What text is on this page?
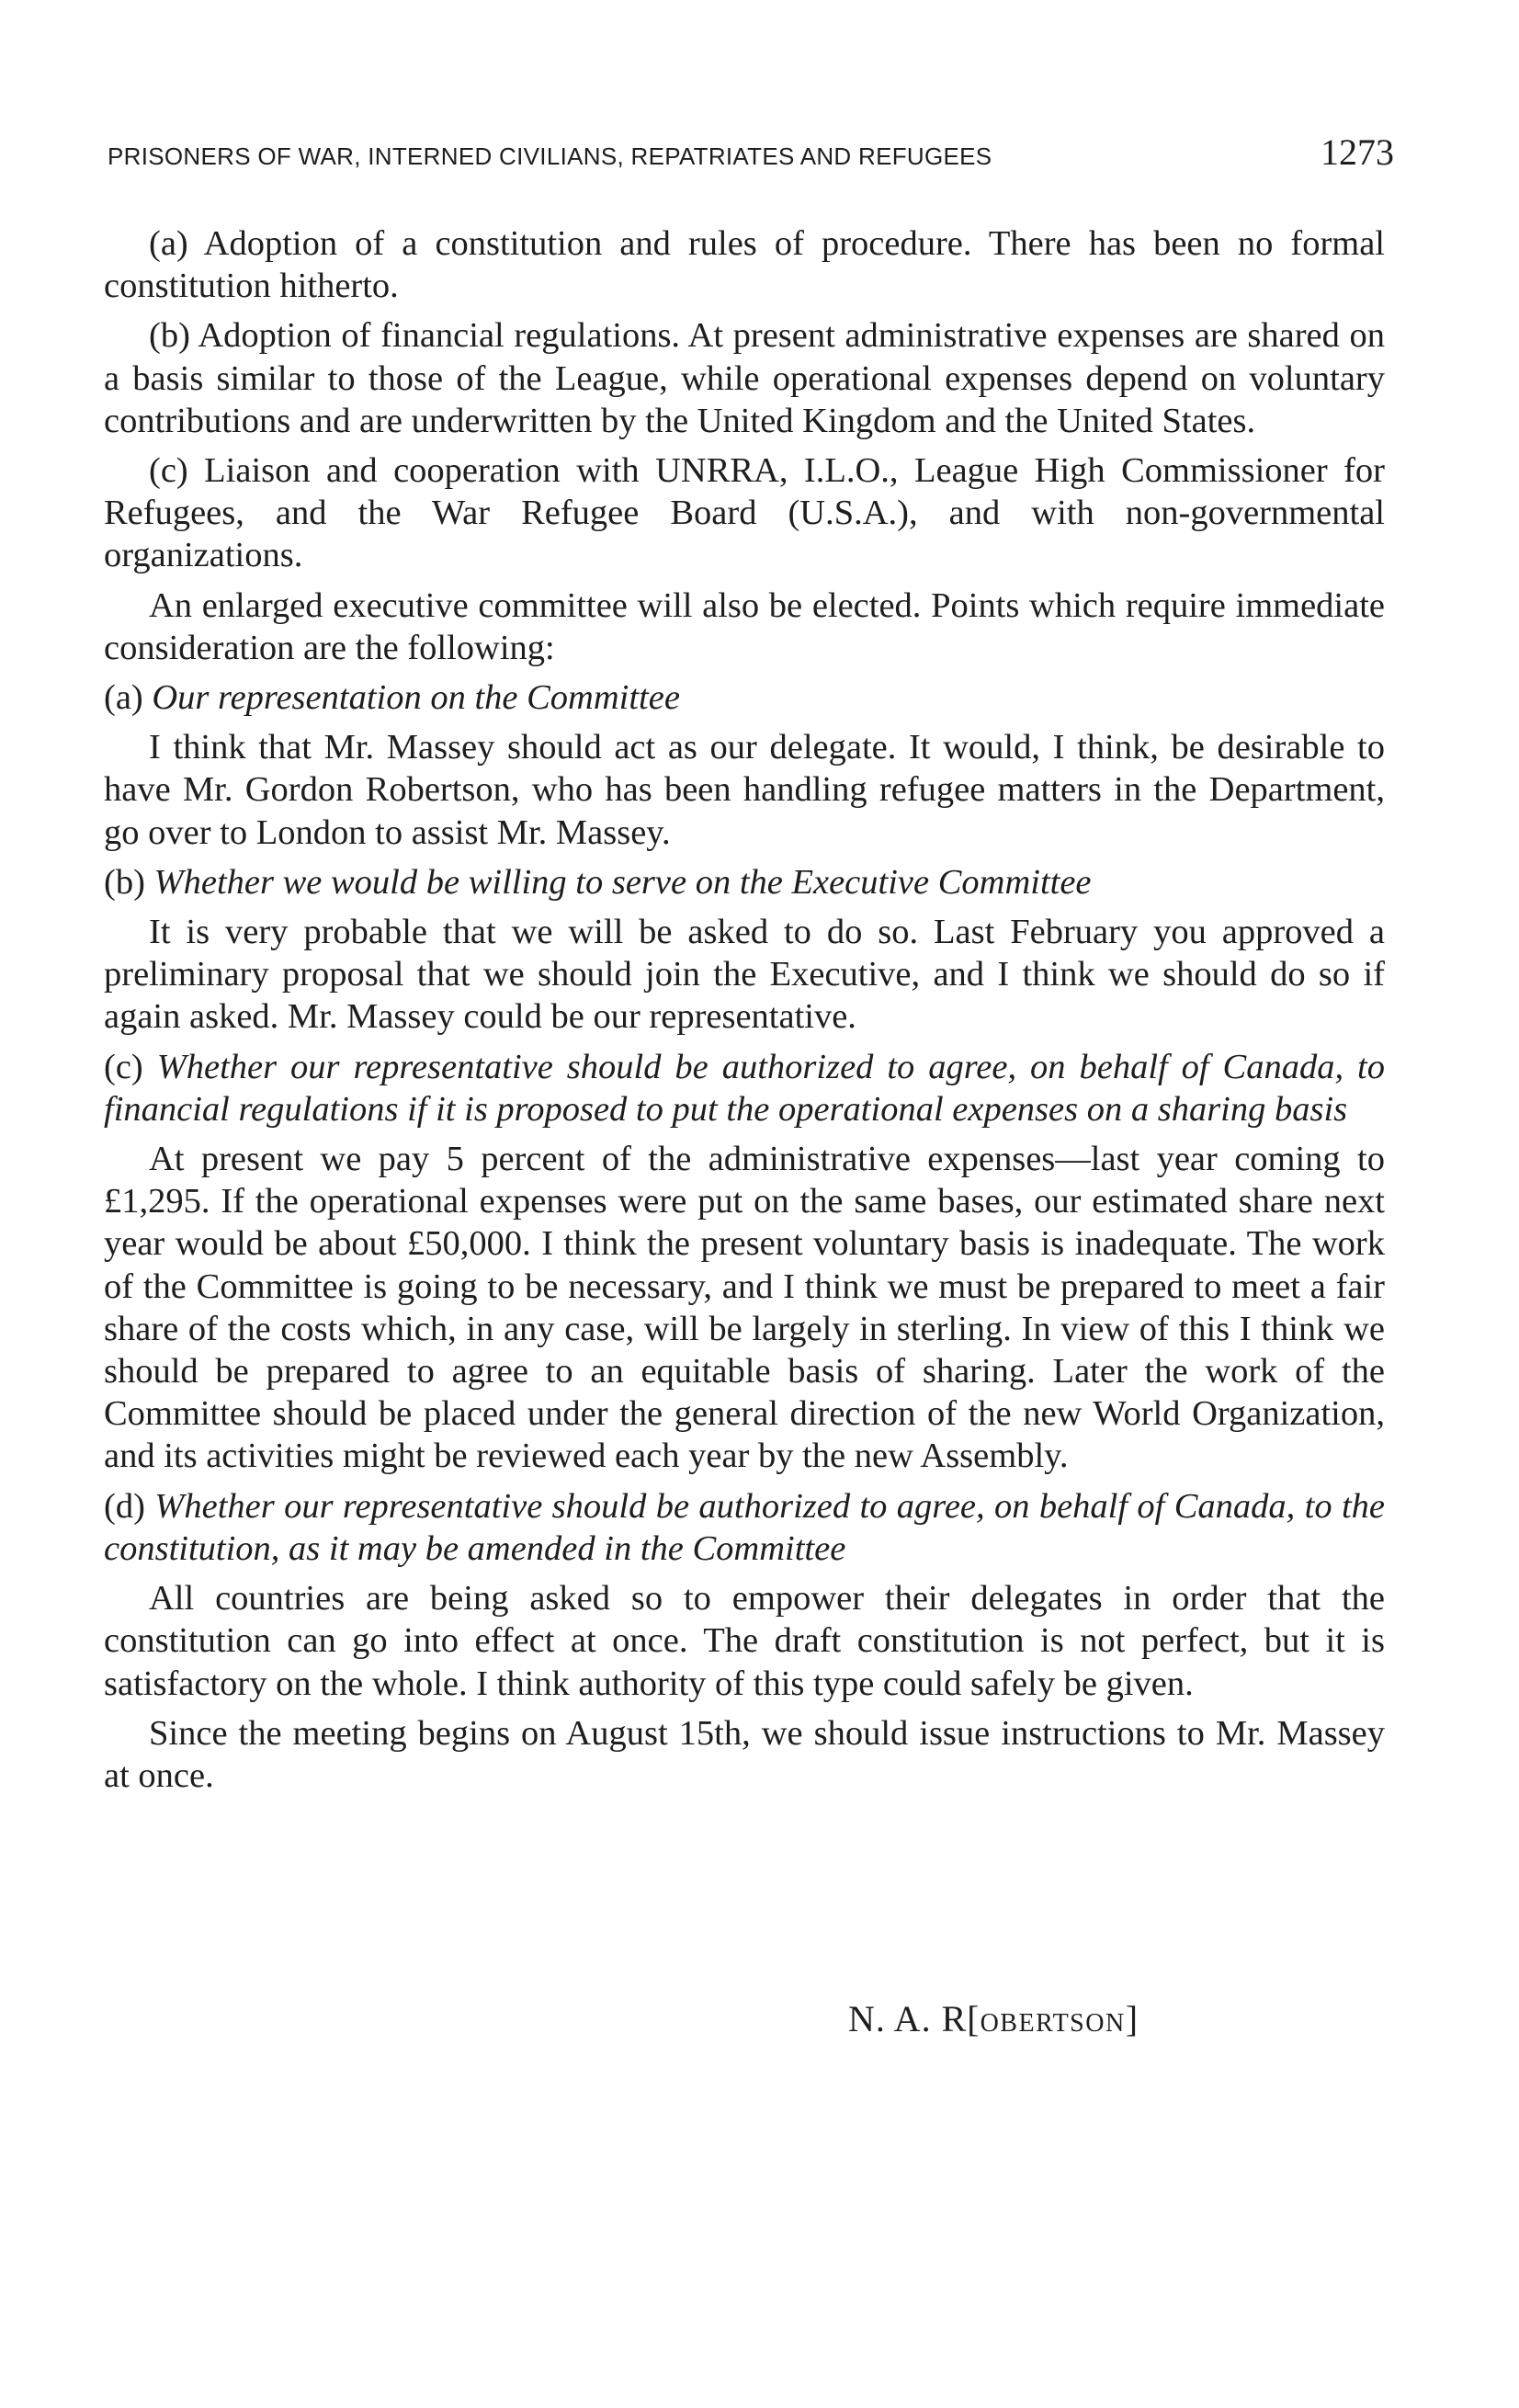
PRISONERS OF WAR, INTERNED CIVILIANS, REPATRIATES AND REFUGEES	1273

(a) Adoption of a constitution and rules of procedure. There has been no formal constitution hitherto.

(b) Adoption of financial regulations. At present administrative expenses are shared on a basis similar to those of the League, while operational expenses depend on voluntary contributions and are underwritten by the United Kingdom and the United States.

(c) Liaison and cooperation with UNRRA, I.L.O., League High Commissioner for Refugees, and the War Refugee Board (U.S.A.), and with non-governmental organizations.

An enlarged executive committee will also be elected. Points which require immediate consideration are the following:

(a) Our representation on the Committee

I think that Mr. Massey should act as our delegate. It would, I think, be desirable to have Mr. Gordon Robertson, who has been handling refugee matters in the Department, go over to London to assist Mr. Massey.

(b) Whether we would be willing to serve on the Executive Committee

It is very probable that we will be asked to do so. Last February you approved a preliminary proposal that we should join the Executive, and I think we should do so if again asked. Mr. Massey could be our representative.

(c) Whether our representative should be authorized to agree, on behalf of Canada, to financial regulations if it is proposed to put the operational expenses on a sharing basis

At present we pay 5 percent of the administrative expenses—last year coming to £1,295. If the operational expenses were put on the same bases, our estimated share next year would be about £50,000. I think the present voluntary basis is inadequate. The work of the Committee is going to be necessary, and I think we must be prepared to meet a fair share of the costs which, in any case, will be largely in sterling. In view of this I think we should be prepared to agree to an equitable basis of sharing. Later the work of the Committee should be placed under the general direction of the new World Organization, and its activities might be reviewed each year by the new Assembly.

(d) Whether our representative should be authorized to agree, on behalf of Canada, to the constitution, as it may be amended in the Committee

All countries are being asked so to empower their delegates in order that the constitution can go into effect at once. The draft constitution is not perfect, but it is satisfactory on the whole. I think authority of this type could safely be given.

Since the meeting begins on August 15th, we should issue instructions to Mr. Massey at once.

N. A. R[OBERTSON]
